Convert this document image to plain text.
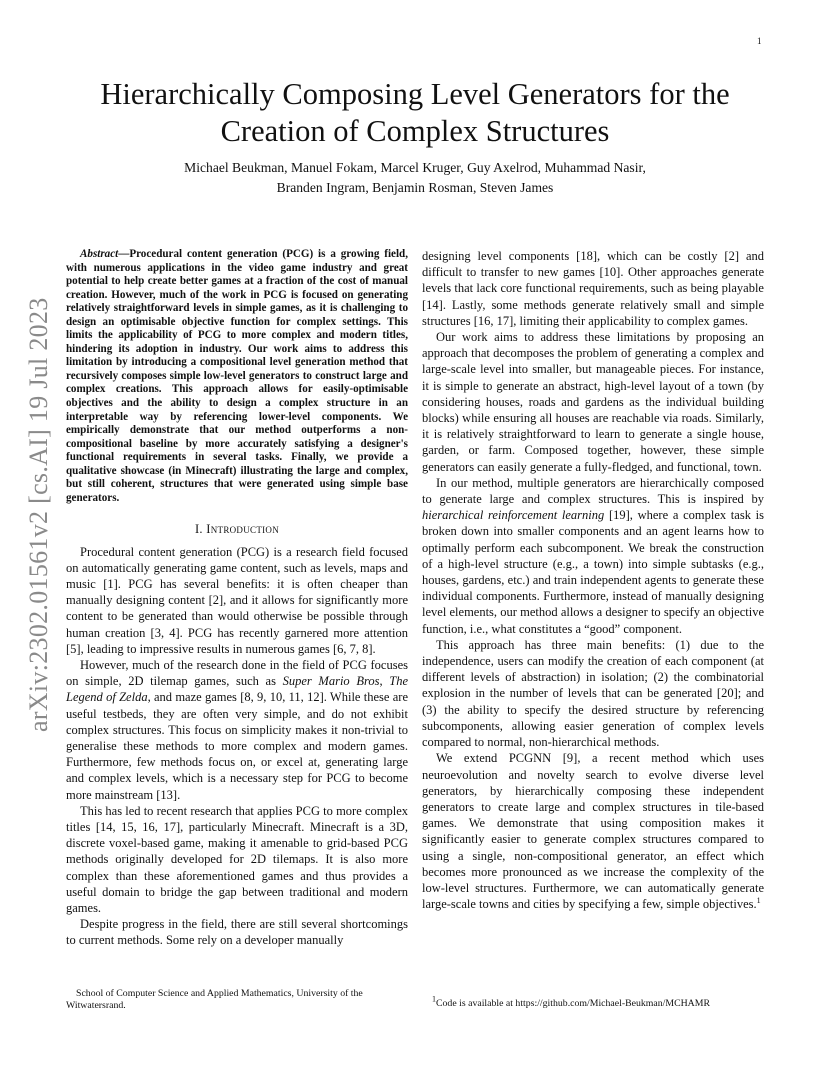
1
arXiv:2302.01561v2 [cs.AI] 19 Jul 2023
Hierarchically Composing Level Generators for the
Creation of Complex Structures
Michael Beukman, Manuel Fokam, Marcel Kruger, Guy Axelrod, Muhammad Nasir,
Branden Ingram, Benjamin Rosman, Steven James

Abstract—Procedural content generation (PCG) is a growing field, with numerous applications in the video game industry and great potential to help create better games at a fraction of the cost of manual creation. However, much of the work in PCG is focused on generating relatively straightforward levels in simple games, as it is challenging to design an optimisable objective function for complex settings. This limits the applicability of PCG to more complex and modern titles, hindering its adoption in industry. Our work aims to address this limitation by introducing a compositional level generation method that recursively composes simple low-level generators to construct large and complex creations. This approach allows for easily-optimisable objectives and the ability to design a complex structure in an interpretable way by referencing lower-level components. We empirically demonstrate that our method outperforms a non-compositional baseline by more accurately satisfying a designer's functional requirements in several tasks. Finally, we provide a qualitative showcase (in Minecraft) illustrating the large and complex, but still coherent, structures that were generated using simple base generators.

I. Introduction

Procedural content generation (PCG) is a research field focused on automatically generating game content, such as levels, maps and music [1]. PCG has several benefits: it is often cheaper than manually designing content [2], and it allows for significantly more content to be generated than would otherwise be possible through human creation [3, 4]. PCG has recently garnered more attention [5], leading to impressive results in numerous games [6, 7, 8].

However, much of the research done in the field of PCG focuses on simple, 2D tilemap games, such as Super Mario Bros, The Legend of Zelda, and maze games [8, 9, 10, 11, 12]. While these are useful testbeds, they are often very simple, and do not exhibit complex structures. This focus on simplicity makes it non-trivial to generalise these methods to more complex and modern games. Furthermore, few methods focus on, or excel at, generating large and complex levels, which is a necessary step for PCG to become more mainstream [13].

This has led to recent research that applies PCG to more complex titles [14, 15, 16, 17], particularly Minecraft. Minecraft is a 3D, discrete voxel-based game, making it amenable to grid-based PCG methods originally developed for 2D tilemaps. It is also more complex than these aforementioned games and thus provides a useful domain to bridge the gap between traditional and modern games.

Despite progress in the field, there are still several shortcomings to current methods. Some rely on a developer manually

designing level components [18], which can be costly [2] and difficult to transfer to new games [10]. Other approaches generate levels that lack core functional requirements, such as being playable [14]. Lastly, some methods generate relatively small and simple structures [16, 17], limiting their applicability to complex games.

Our work aims to address these limitations by proposing an approach that decomposes the problem of generating a complex and large-scale level into smaller, but manageable pieces. For instance, it is simple to generate an abstract, high-level layout of a town (by considering houses, roads and gardens as the individual building blocks) while ensuring all houses are reachable via roads. Similarly, it is relatively straightforward to learn to generate a single house, garden, or farm. Composed together, however, these simple generators can easily generate a fully-fledged, and functional, town.

In our method, multiple generators are hierarchically composed to generate large and complex structures. This is inspired by hierarchical reinforcement learning [19], where a complex task is broken down into smaller components and an agent learns how to optimally perform each subcomponent. We break the construction of a high-level structure (e.g., a town) into simple subtasks (e.g., houses, gardens, etc.) and train independent agents to generate these individual components. Furthermore, instead of manually designing level elements, our method allows a designer to specify an objective function, i.e., what constitutes a “good” component.

This approach has three main benefits: (1) due to the independence, users can modify the creation of each component (at different levels of abstraction) in isolation; (2) the combinatorial explosion in the number of levels that can be generated [20]; and (3) the ability to specify the desired structure by referencing subcomponents, allowing easier generation of complex levels compared to normal, non-hierarchical methods.

We extend PCGNN [9], a recent method which uses neuroevolution and novelty search to evolve diverse level generators, by hierarchically composing these independent generators to create large and complex structures in tile-based games. We demonstrate that using composition makes it significantly easier to generate complex structures compared to using a single, non-compositional generator, an effect which becomes more pronounced as we increase the complexity of the low-level structures. Furthermore, we can automatically generate large-scale towns and cities by specifying a few, simple objectives.$^1$

School of Computer Science and Applied Mathematics, University of the Witwatersrand.
$^1$Code is available at https://github.com/Michael-Beukman/MCHAMR
